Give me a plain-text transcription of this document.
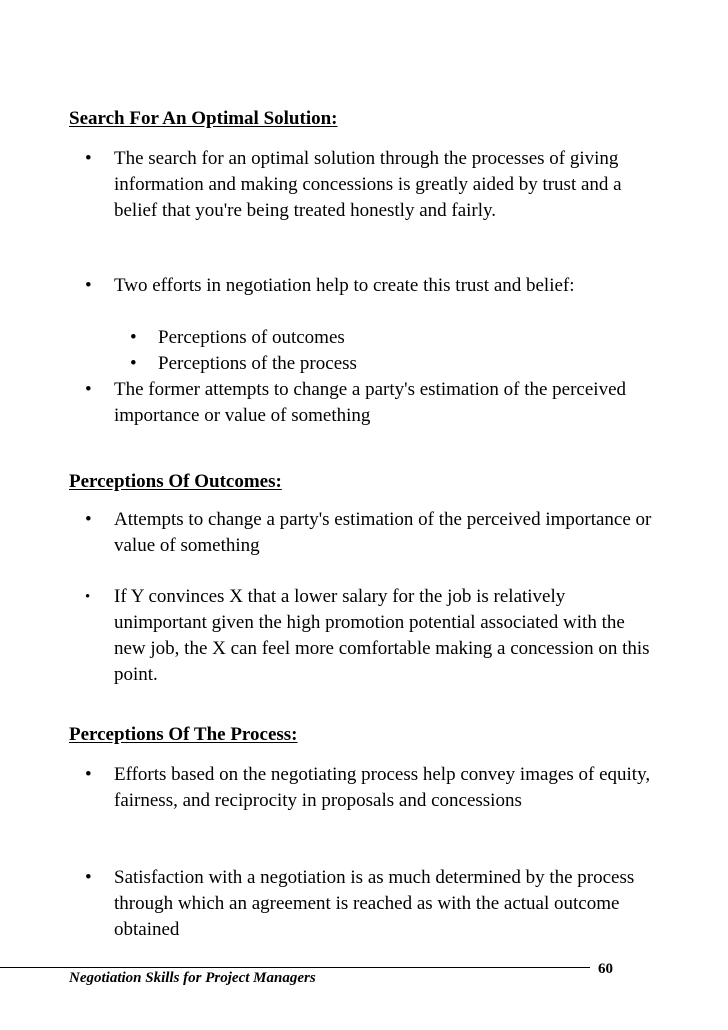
Search For An Optimal Solution:
•	The search for an optimal solution through the processes of giving information and making concessions is greatly aided by trust and a belief that you're being treated honestly and fairly.
•	Two efforts in negotiation help to create this trust and belief:
•	Perceptions of outcomes
•	Perceptions of the process
•	The former attempts to change a party's estimation of the perceived importance or value of something
Perceptions Of Outcomes:
•	Attempts to change a party's estimation of the perceived importance or value of something
•	If Y convinces X that a lower salary for the job is relatively unimportant given the high promotion potential associated with the new job, the X can feel more comfortable making a concession on this point.
Perceptions Of The Process:
•	Efforts based on the negotiating process help convey images of equity, fairness, and reciprocity in proposals and concessions
•	Satisfaction with a negotiation is as much determined by the process through which an agreement is reached as with the actual outcome obtained
Negotiation Skills for Project Managers
60
